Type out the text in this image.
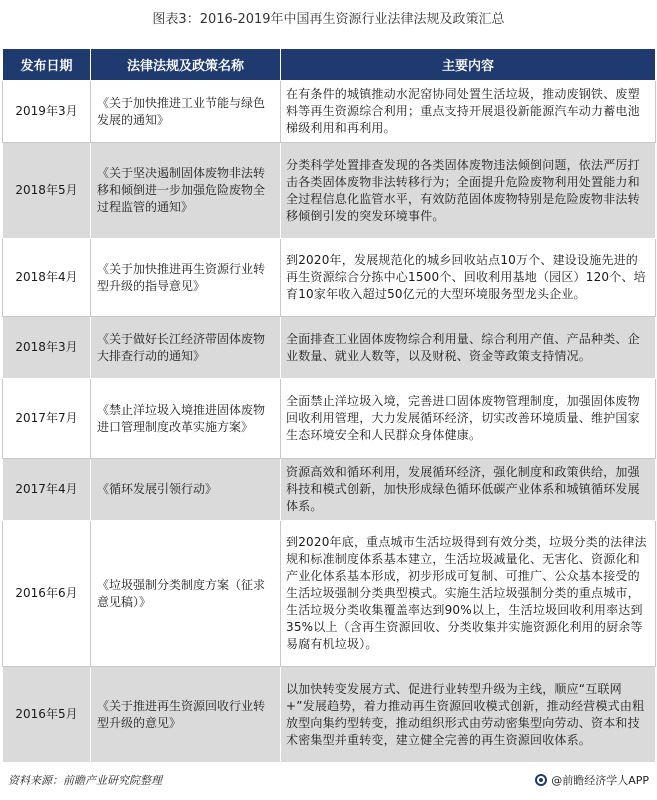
图表3：2016-2019年中国再生资源行业法律法规及政策汇总
发布日期	法律法规及政策名称	主要内容
2019年3月	《关于加快推进工业节能与绿色发展的通知》	在有条件的城镇推动水泥窑协同处置生活垃圾，推动废钢铁、废塑料等再生资源综合利用；重点支持开展退役新能源汽车动力蓄电池梯级利用和再利用。
2018年5月	《关于坚决遏制固体废物非法转移和倾倒进一步加强危险废物全过程监管的通知》	分类科学处置排查发现的各类固体废物违法倾倒问题，依法严厉打击各类固体废物非法转移行为；全面提升危险废物利用处置能力和全过程信息化监管水平，有效防范固体废物特别是危险废物非法转移倾倒引发的突发环境事件。
2018年4月	《关于加快推进再生资源行业转型升级的指导意见》	到2020年，发展规范化的城乡回收站点10万个、建设设施先进的再生资源综合分拣中心1500个、回收利用基地（园区）120个、培育10家年收入超过50亿元的大型环境服务型龙头企业。
2018年3月	《关于做好长江经济带固体废物大排查行动的通知》	全面排查工业固体废物综合利用量、综合利用产值、产品种类、企业数量、就业人数等，以及财税、资金等政策支持情况。
2017年7月	《禁止洋垃圾入境推进固体废物进口管理制度改革实施方案》	全面禁止洋垃圾入境，完善进口固体废物管理制度，加强固体废物回收利用管理，大力发展循环经济，切实改善环境质量、维护国家生态环境安全和人民群众身体健康。
2017年4月	《循环发展引领行动》	资源高效和循环利用，发展循环经济，强化制度和政策供给，加强科技和模式创新，加快形成绿色循环低碳产业体系和城镇循环发展体系。
2016年6月	《垃圾强制分类制度方案（征求意见稿）》	到2020年底，重点城市生活垃圾得到有效分类，垃圾分类的法律法规和标准制度体系基本建立，生活垃圾减量化、无害化、资源化和产业化体系基本形成，初步形成可复制、可推广、公众基本接受的生活垃圾强制分类典型模式。实施生活垃圾强制分类的重点城市，生活垃圾分类收集覆盖率达到90%以上，生活垃圾回收利用率达到35%以上（含再生资源回收、分类收集并实施资源化利用的厨余等易腐有机垃圾）。
2016年5月	《关于推进再生资源回收行业转型升级的意见》	以加快转变发展方式、促进行业转型升级为主线，顺应“互联网+”发展趋势，着力推动再生资源回收模式创新，推动经营模式由粗放型向集约型转变，推动组织形式由劳动密集型向劳动、资本和技术密集型并重转变，建立健全完善的再生资源回收体系。
资料来源：前瞻产业研究院整理	@前瞻经济学人APP
